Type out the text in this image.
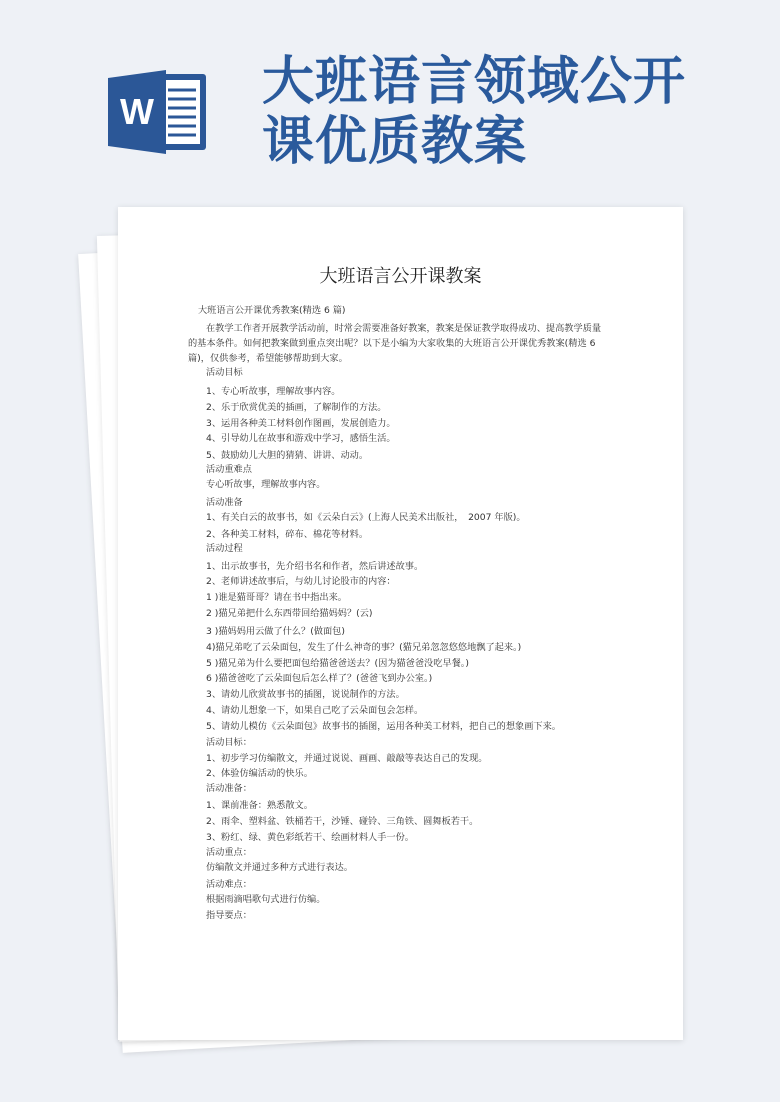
W 大班语言领域公开
课优质教案
大班语言公开课教案
大班语言公开课优秀教案(精选 6 篇)
在教学工作者开展教学活动前，时常会需要准备好教案，教案是保证教学取得成功、提高教学质量
的基本条件。如何把教案做到重点突出呢？以下是小编为大家收集的大班语言公开课优秀教案(精选 6
篇)，仅供参考，希望能够帮助到大家。
活动目标
1、专心听故事，理解故事内容。
2、乐于欣赏优美的插画，了解制作的方法。
3、运用各种美工材料创作图画，发展创造力。
4、引导幼儿在故事和游戏中学习，感悟生活。
5、鼓励幼儿大胆的猜猜、讲讲、动动。
活动重难点
专心听故事，理解故事内容。
活动准备
1、有关白云的故事书，如《云朵白云》(上海人民美术出版社，　2007 年版)。
2、各种美工材料，碎布、棉花等材料。
活动过程
1、出示故事书，先介绍书名和作者，然后讲述故事。
2、老师讲述故事后，与幼儿讨论股市的内容：
1 )谁是猫哥哥？请在书中指出来。
2 )猫兄弟把什么东西带回给猫妈妈？(云)
3 )猫妈妈用云做了什么？(做面包)
4)猫兄弟吃了云朵面包，发生了什么神奇的事？(猫兄弟忽忽悠悠地飘了起来。)
5 )猫兄弟为什么要把面包给猫爸爸送去？(因为猫爸爸没吃早餐。)
6 )猫爸爸吃了云朵面包后怎么样了？(爸爸飞到办公室。)
3、请幼儿欣赏故事书的插图，说说制作的方法。
4、请幼儿想象一下，如果自己吃了云朵面包会怎样。
5、请幼儿模仿《云朵面包》故事书的插图，运用各种美工材料，把自己的想象画下来。
活动目标：
1、初步学习仿编散文，并通过说说、画画、敲敲等表达自己的发现。
2、体验仿编活动的快乐。
活动准备：
1、课前准备：熟悉散文。
2、雨伞、塑料盆、铁桶若干，沙锤、碰铃、三角铁、圆舞板若干。
3、粉红、绿、黄色彩纸若干、绘画材料人手一份。
活动重点：
仿编散文并通过多种方式进行表达。
活动难点：
根据雨滴唱歌句式进行仿编。
指导要点：
